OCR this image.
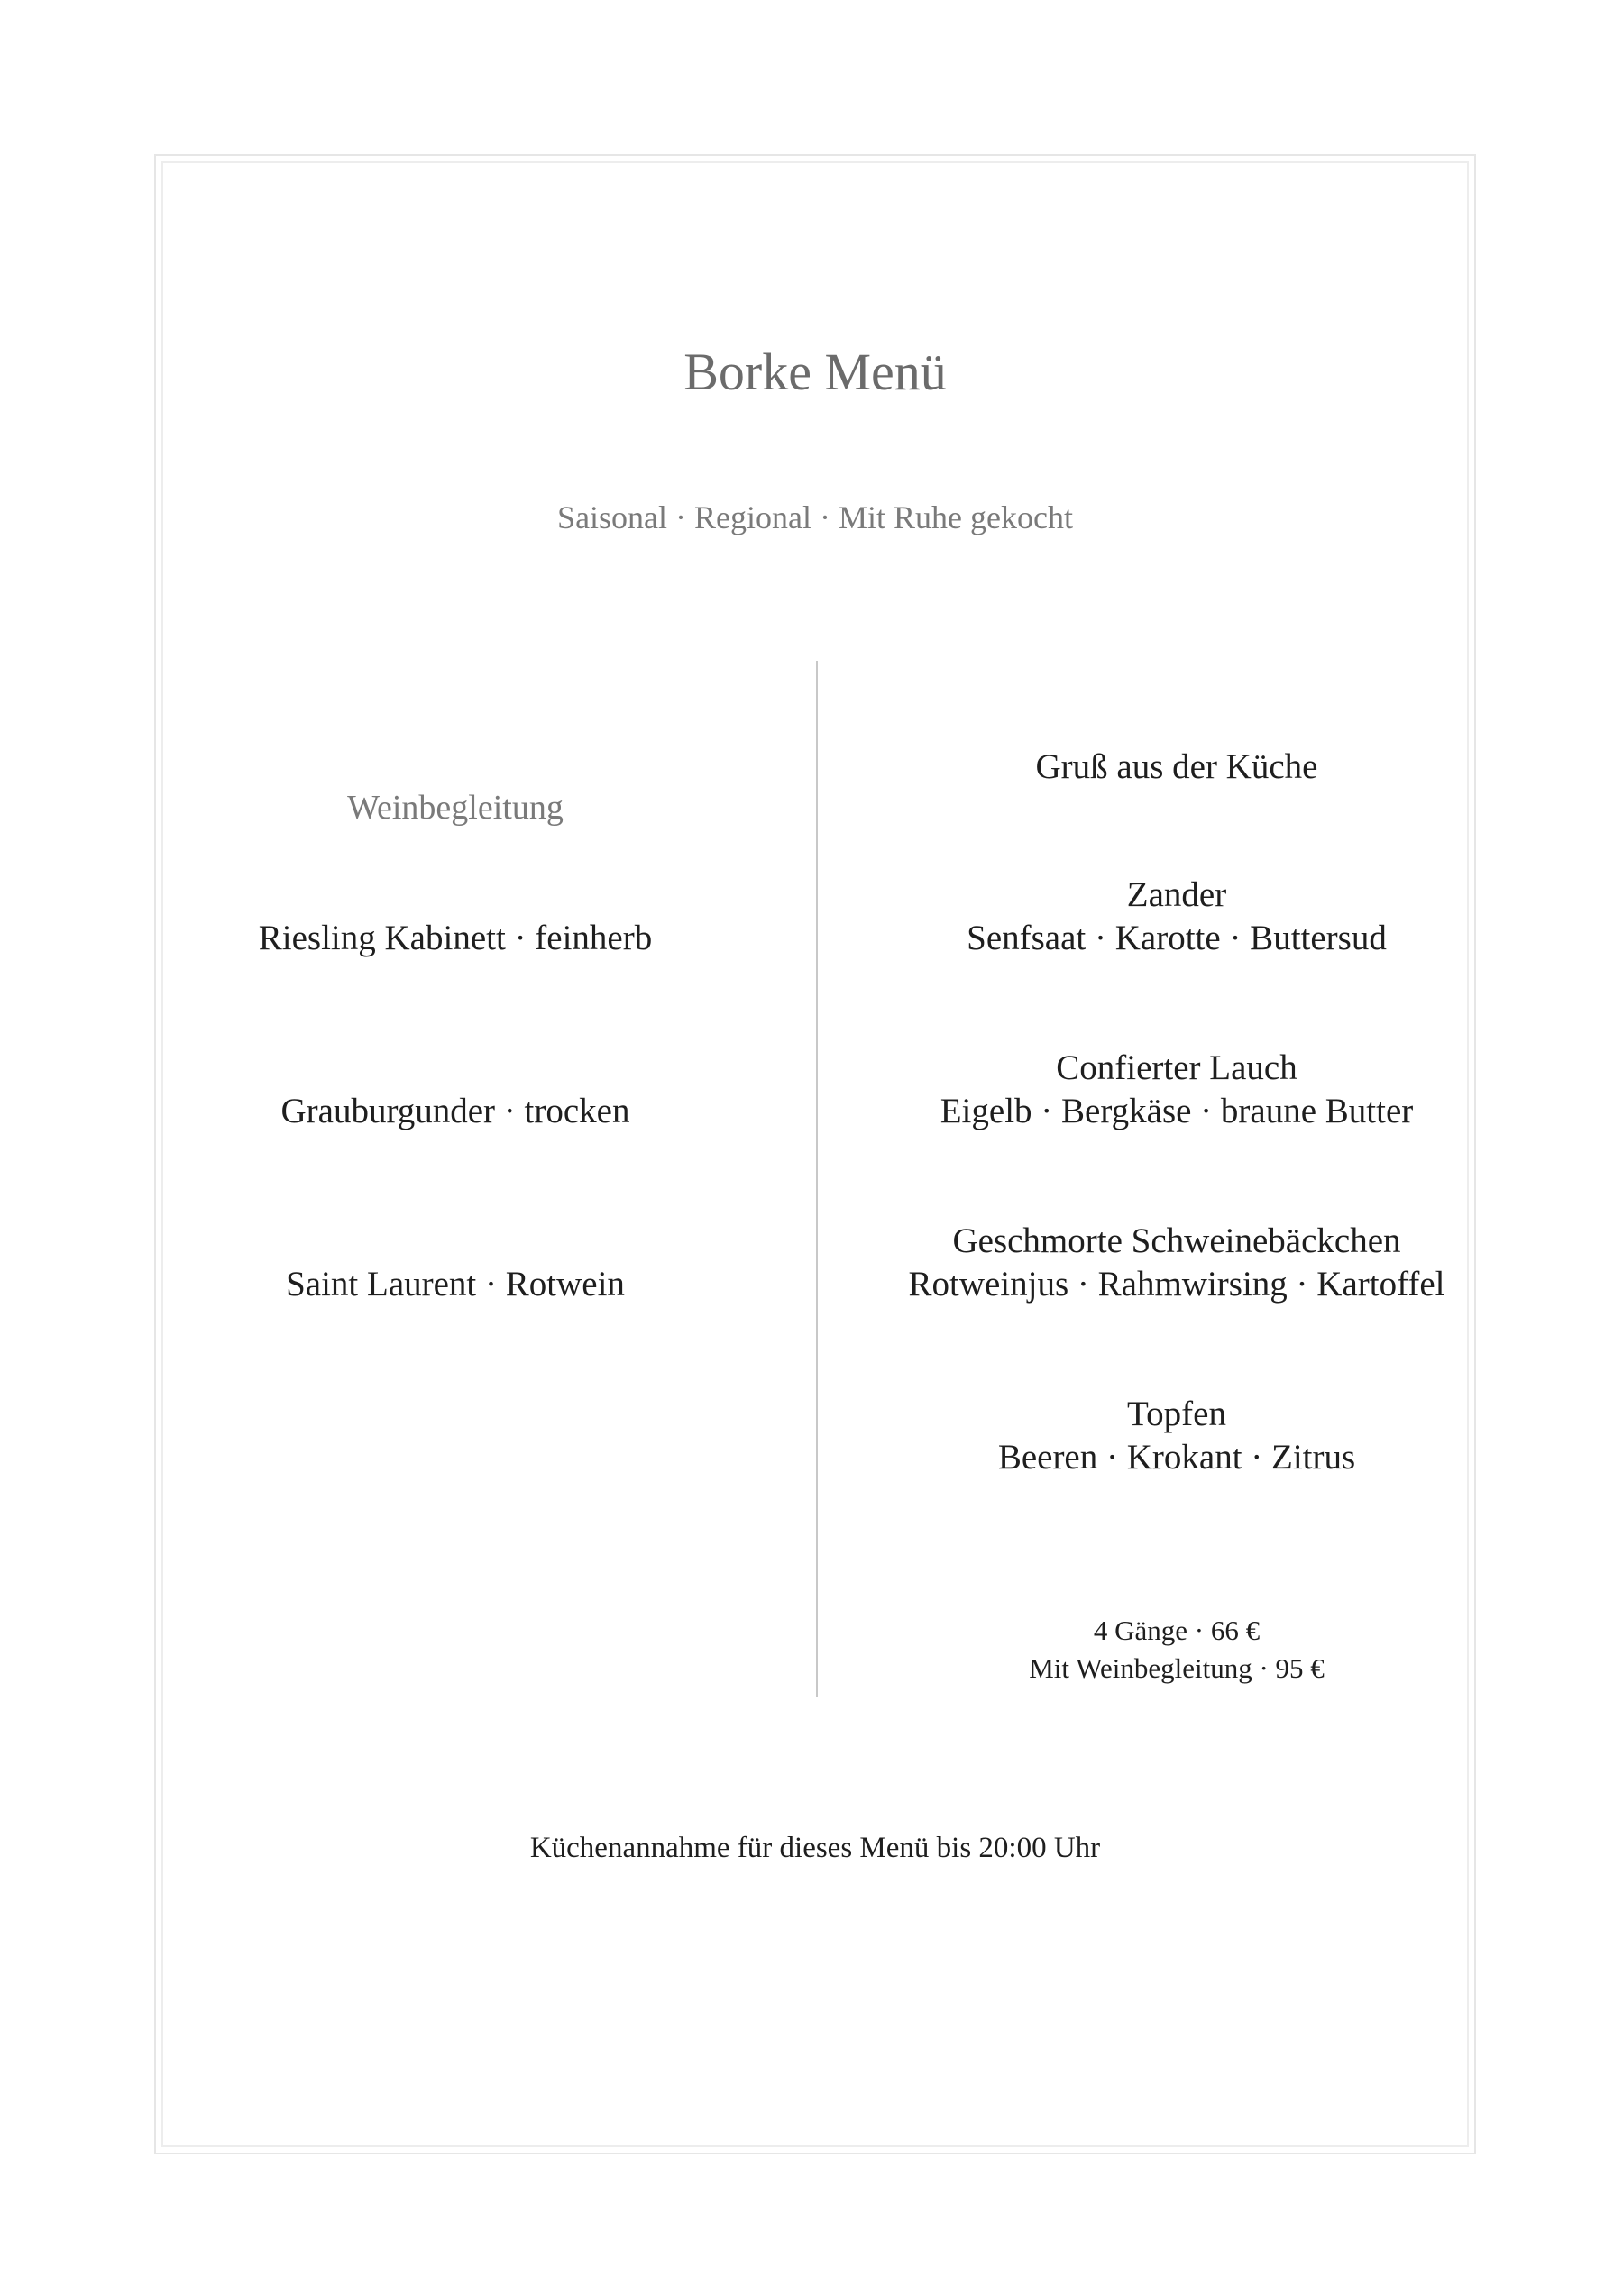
Borke Menü
Saisonal · Regional · Mit Ruhe gekocht
Weinbegleitung
Riesling Kabinett · feinherb
Grauburgunder · trocken
Saint Laurent · Rotwein
Gruß aus der Küche
Zander
Senfsaat · Karotte · Buttersud
Confierter Lauch
Eigelb · Bergkäse · braune Butter
Geschmorte Schweinebäckchen
Rotweinjus · Rahmwirsing · Kartoffel
Topfen
Beeren · Krokant · Zitrus
4 Gänge · 66 €
Mit Weinbegleitung · 95 €
Küchenannahme für dieses Menü bis 20:00 Uhr
